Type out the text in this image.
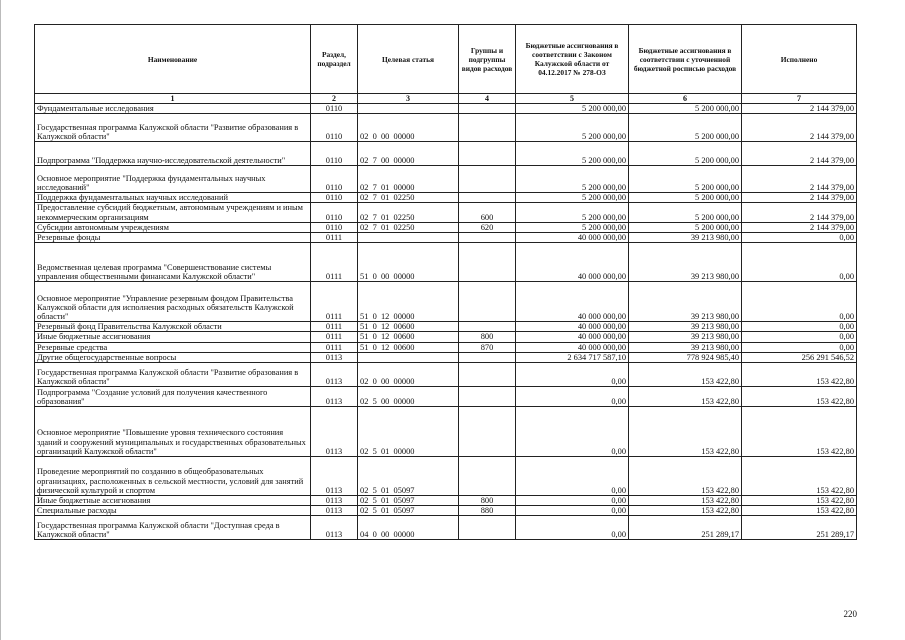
Наименование	Раздел, подраздел	Целевая статья	Группы и подгруппы видов расходов	Бюджетные ассигнования в соответствии с Законом Калужской области от 04.12.2017 № 278-ОЗ	Бюджетные ассигнования в соответствии с уточненной бюджетной росписью расходов	Исполнено
1	2	3	4	5	6	7
Фундаментальные исследования	0110			5 200 000,00	5 200 000,00	2 144 379,00
Государственная программа Калужской области "Развитие образования в Калужской области"	0110	02  0  00  00000		5 200 000,00	5 200 000,00	2 144 379,00
Подпрограмма "Поддержка научно-исследовательской деятельности"	0110	02  7  00  00000		5 200 000,00	5 200 000,00	2 144 379,00
Основное мероприятие "Поддержка фундаментальных научных исследований"	0110	02  7  01  00000		5 200 000,00	5 200 000,00	2 144 379,00
Поддержка фундаментальных научных исследований	0110	02  7  01  02250		5 200 000,00	5 200 000,00	2 144 379,00
Предоставление субсидий бюджетным, автономным учреждениям и иным некоммерческим организациям	0110	02  7  01  02250	600	5 200 000,00	5 200 000,00	2 144 379,00
Субсидии автономным учреждениям	0110	02  7  01  02250	620	5 200 000,00	5 200 000,00	2 144 379,00
Резервные фонды	0111			40 000 000,00	39 213 980,00	0,00
Ведомственная целевая программа "Совершенствование системы управления общественными финансами Калужской области"	0111	51  0  00  00000		40 000 000,00	39 213 980,00	0,00
Основное мероприятие "Управление резервным фондом Правительства Калужской области для исполнения расходных обязательств Калужской области"	0111	51  0  12  00000		40 000 000,00	39 213 980,00	0,00
Резервный фонд Правительства Калужской области	0111	51  0  12  00600		40 000 000,00	39 213 980,00	0,00
Иные бюджетные ассигнования	0111	51  0  12  00600	800	40 000 000,00	39 213 980,00	0,00
Резервные средства	0111	51  0  12  00600	870	40 000 000,00	39 213 980,00	0,00
Другие общегосударственные вопросы	0113			2 634 717 587,10	778 924 985,40	256 291 546,52
Государственная программа Калужской области "Развитие образования в Калужской области"	0113	02  0  00  00000		0,00	153 422,80	153 422,80
Подпрограмма "Создание условий для получения качественного образования"	0113	02  5  00  00000		0,00	153 422,80	153 422,80
Основное мероприятие "Повышение уровня технического состояния зданий и сооружений муниципальных и государственных образовательных организаций Калужской области"	0113	02  5  01  00000		0,00	153 422,80	153 422,80
Проведение мероприятий по созданию в общеобразовательных организациях, расположенных в сельской местности, условий для занятий физической культурой и спортом	0113	02  5  01  05097		0,00	153 422,80	153 422,80
Иные бюджетные ассигнования	0113	02  5  01  05097	800	0,00	153 422,80	153 422,80
Специальные расходы	0113	02  5  01  05097	880	0,00	153 422,80	153 422,80
Государственная программа Калужской области "Доступная среда в Калужской области"	0113	04  0  00  00000		0,00	251 289,17	251 289,17
220
